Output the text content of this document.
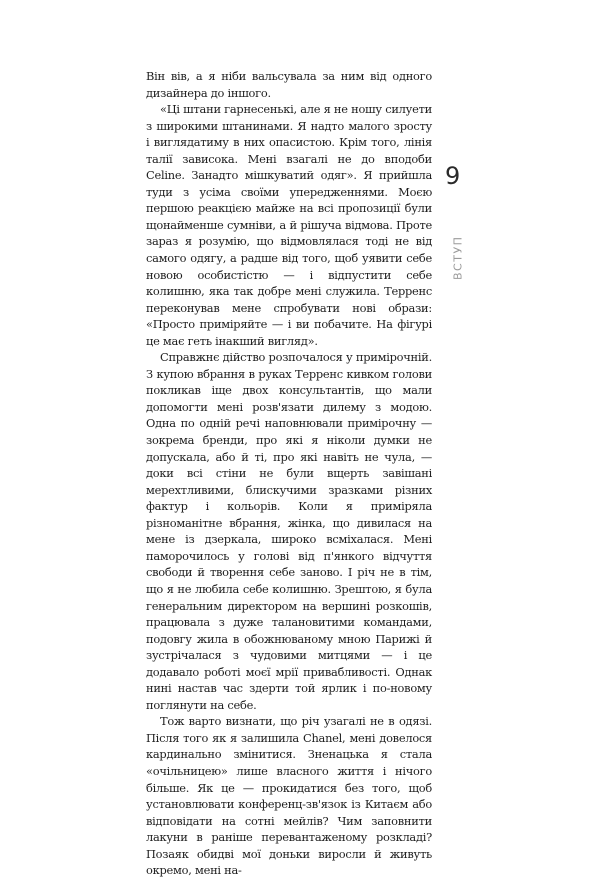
Він вів, а я ніби вальсувала за ним від одного дизайнера до іншого.

«Ці штани гарнесенькі, але я не ношу силуети з широкими штанинами. Я надто малого зросту і виглядатиму в них опасистою. Крім того, лінія талії зависока. Мені взагалі не до вподоби Celine. Занадто мішкуватий одяг». Я прийшла туди з усіма своїми упередженнями. Моєю першою реакцією майже на всі пропозиції були щонайменше сумніви, а й рішуча відмова. Проте зараз я розумію, що відмовлялася тоді не від самого одягу, а радше від того, щоб уявити себе новою особистістю — і відпустити себе колишню, яка так добре мені служила. Терренс переконував мене спробувати нові образи: «Просто приміряйте — і ви побачите. На фігурі це має геть інакший вигляд».

Справжнє дійство розпочалося у примірочній. З купою вбрання в руках Терренс кивком голови покликав іще двох консультантів, що мали допомогти мені розв'язати дилему з модою. Одна по одній речі наповнювали примірочну — зокрема бренди, про які я ніколи думки не допускала, або й ті, про які навіть не чула, — доки всі стіни не були вщерть завішані мерехтливими, блискучими зразками різних фактур і кольорів. Коли я приміряла різноманітне вбрання, жінка, що дивилася на мене із дзеркала, широко всміхалася. Мені паморочилось у голові від п'янкого відчуття свободи й творення себе заново. І річ не в тім, що я не любила себе колишню. Зрештою, я була генеральним директором на вершині розкошів, працювала з дуже талановитими командами, подовгу жила в обожнюваному мною Парижі й зустрічалася з чудовими митцями — і це додавало роботі моєї мрії привабливості. Однак нині настав час здерти той ярлик і по-новому поглянути на себе.

Тож варто визнати, що річ узагалі не в одязі. Після того як я залишила Chanel, мені довелося кардинально змінитися. Зненацька я стала «очільницею» лише власного життя і нічого більше. Як це — прокидатися без того, щоб установлювати конференц-зв'язок із Китаєм або відповідати на сотні мейлів? Чим заповнити лакуни в раніше перевантаженому розкладі? Позаяк обидві мої доньки виросли й живуть окремо, мені на-

9
ВСТУП
